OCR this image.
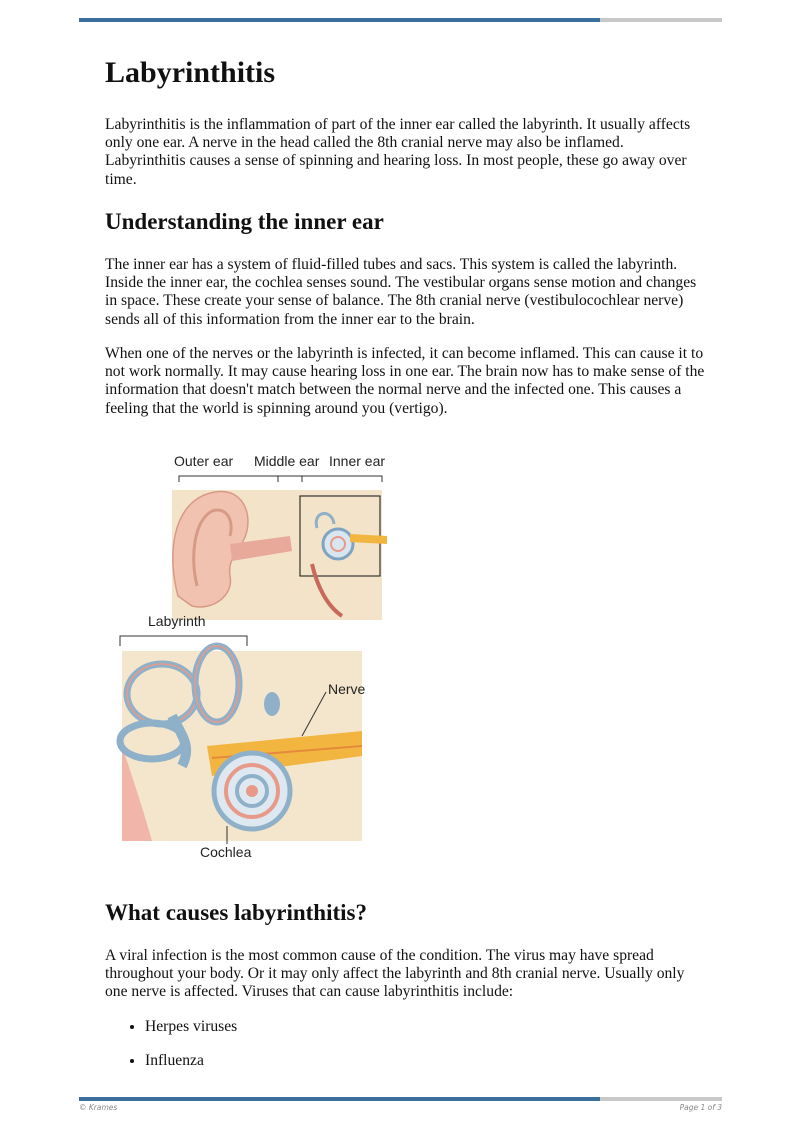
Labyrinthitis

Labyrinthitis is the inflammation of part of the inner ear called the labyrinth. It usually affects only one ear. A nerve in the head called the 8th cranial nerve may also be inflamed. Labyrinthitis causes a sense of spinning and hearing loss. In most people, these go away over time.

Understanding the inner ear

The inner ear has a system of fluid-filled tubes and sacs. This system is called the labyrinth. Inside the inner ear, the cochlea senses sound. The vestibular organs sense motion and changes in space. These create your sense of balance. The 8th cranial nerve (vestibulocochlear nerve) sends all of this information from the inner ear to the brain.

When one of the nerves or the labyrinth is infected, it can become inflamed. This can cause it to not work normally. It may cause hearing loss in one ear. The brain now has to make sense of the information that doesn't match between the normal nerve and the infected one. This causes a feeling that the world is spinning around you (vertigo).

What causes labyrinthitis?

A viral infection is the most common cause of the condition. The virus may have spread throughout your body. Or it may only affect the labyrinth and 8th cranial nerve. Usually only one nerve is affected. Viruses that can cause labyrinthitis include:

• Herpes viruses
• Influenza
Outer ear Middle ear Inner ear
Labyrinth
Nerve
Cochlea
© Krames	Page 1 of 3
